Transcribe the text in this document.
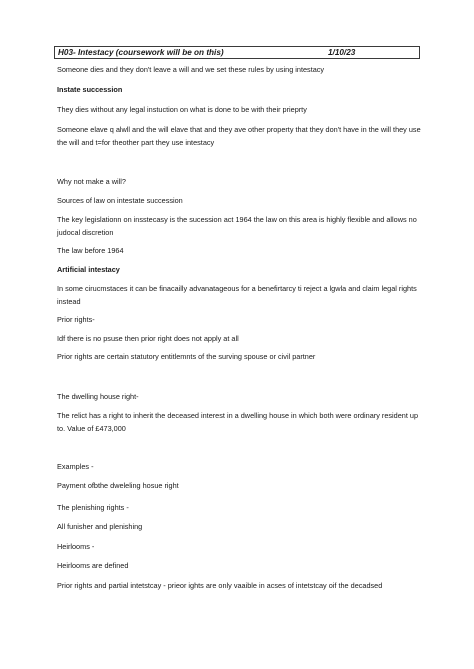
H03- Intestacy (coursework will be on this)	1/10/23
Someone dies and they don't leave a will and we set these rules by using intestacy
Instate succession
They dies without any legal instuction on what is done to be with their prieprty
Someone elave q alwll and the will elave that and they ave other property that they don't have in the will they use the will and t=for theother part they use intestacy
Why not make a will?
Sources of law on intestate succession
The key legislationn on insstecasy is the sucession act 1964 the law on this area is highly flexible and allows no judocal discretion
The law before 1964
Artificial intestacy
In some cirucmstaces it can be finacailly advanatageous for a benefirtarcy ti reject a lgwla and claim legal rights instead
Prior rights-
Idf there is no psuse then prior right does not apply at all
Prior rights are certain statutory entitlemnts of the surving spouse or civil partner
The dwelling house right-
The relict has a right to inherit the deceased interest in a dwelling house in which both were ordinary resident up to. Value of £473,000
Examples -
Payment ofbthe dweleling hosue right
The plenishing rights -
All funisher and plenishing
Heirlooms -
Heirlooms are defined
Prior rights and partial intetstcay - prieor ights are only vaaible in acses of intetstcay oif the decadsed
